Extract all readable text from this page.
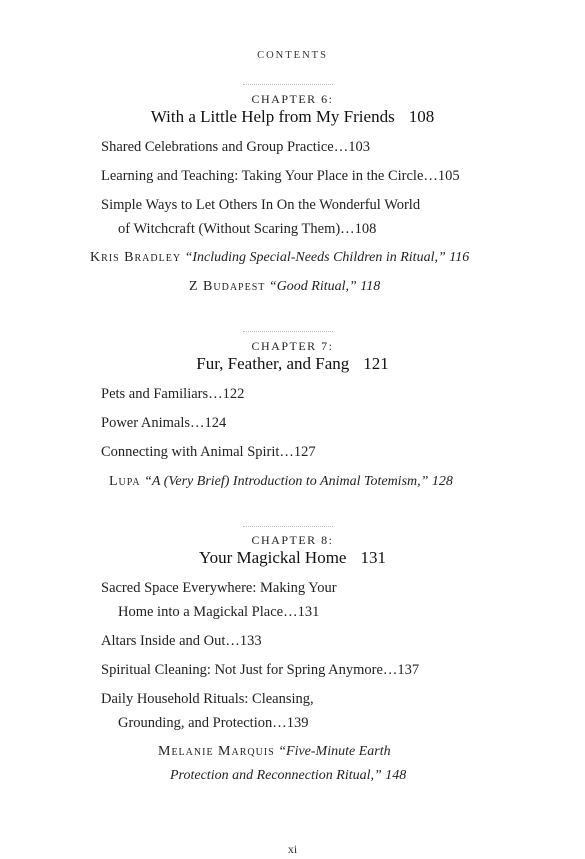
CONTENTS
CHAPTER 6:
With a Little Help from My Friends 108
Shared Celebrations and Group Practice…103
Learning and Teaching: Taking Your Place in the Circle…105
Simple Ways to Let Others In On the Wonderful World
of Witchcraft (Without Scaring Them)…108
Kris Bradley “Including Special-Needs Children in Ritual,” 116
Z Budapest “Good Ritual,” 118
CHAPTER 7:
Fur, Feather, and Fang 121
Pets and Familiars…122
Power Animals…124
Connecting with Animal Spirit…127
Lupa “A (Very Brief) Introduction to Animal Totemism,” 128
CHAPTER 8:
Your Magickal Home 131
Sacred Space Everywhere: Making Your
Home into a Magickal Place…131
Altars Inside and Out…133
Spiritual Cleaning: Not Just for Spring Anymore…137
Daily Household Rituals: Cleansing,
Grounding, and Protection…139
Melanie Marquis “Five-Minute Earth
Protection and Reconnection Ritual,” 148
xi
